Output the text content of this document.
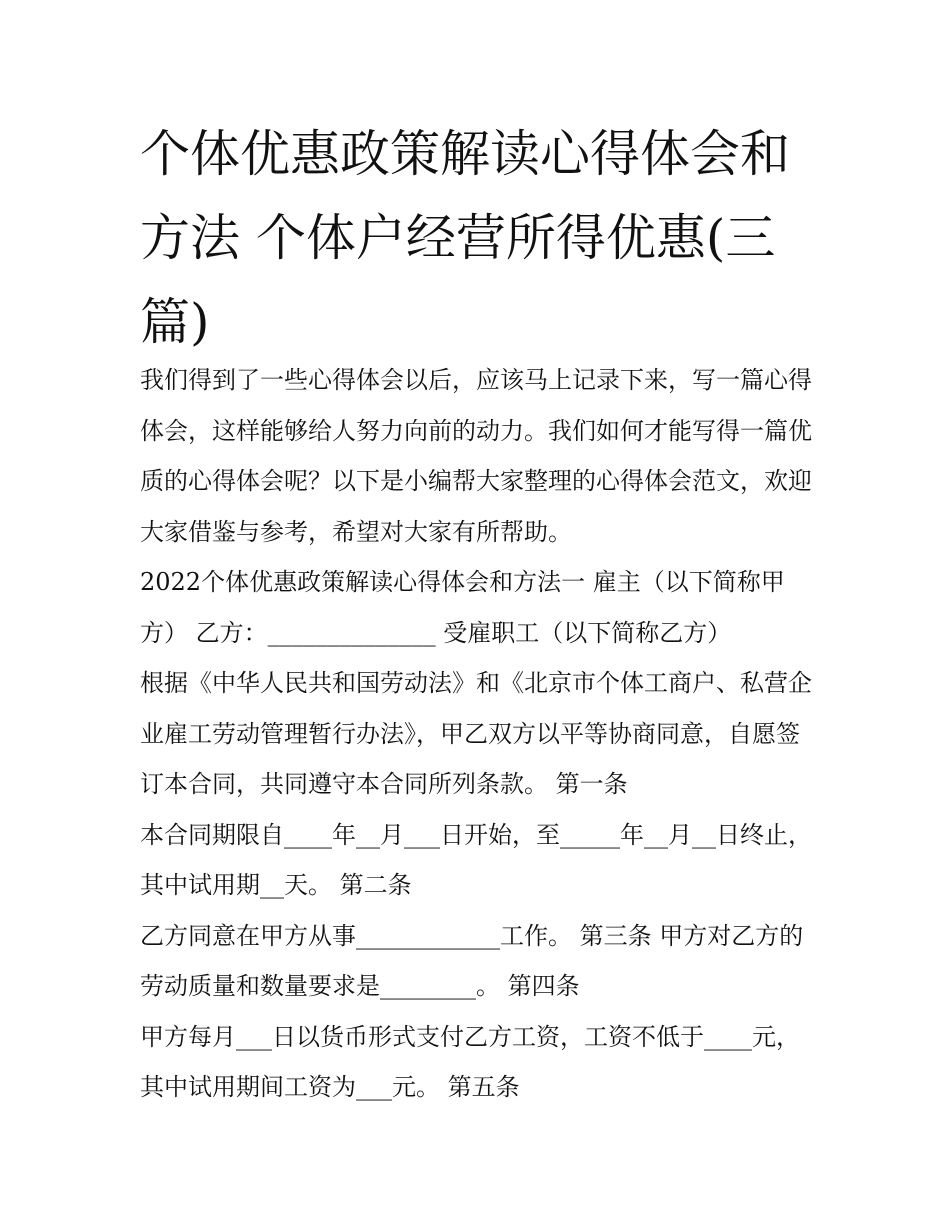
个体优惠政策解读心得体会和方法 个体户经营所得优惠(三篇)

我们得到了一些心得体会以后，应该马上记录下来，写一篇心得体会，这样能够给人努力向前的动力。我们如何才能写得一篇优质的心得体会呢？以下是小编帮大家整理的心得体会范文，欢迎大家借鉴与参考，希望对大家有所帮助。

2022个体优惠政策解读心得体会和方法一 雇主（以下简称甲方） 乙方：______________ 受雇职工（以下简称乙方）

根据《中华人民共和国劳动法》和《北京市个体工商户、私营企业雇工劳动管理暂行办法》，甲乙双方以平等协商同意，自愿签订本合同，共同遵守本合同所列条款。 第一条

本合同期限自____年__月___日开始，至_____年__月__日终止，其中试用期__天。 第二条

乙方同意在甲方从事____________工作。 第三条 甲方对乙方的劳动质量和数量要求是________。 第四条

甲方每月___日以货币形式支付乙方工资，工资不低于____元，其中试用期间工资为___元。 第五条
